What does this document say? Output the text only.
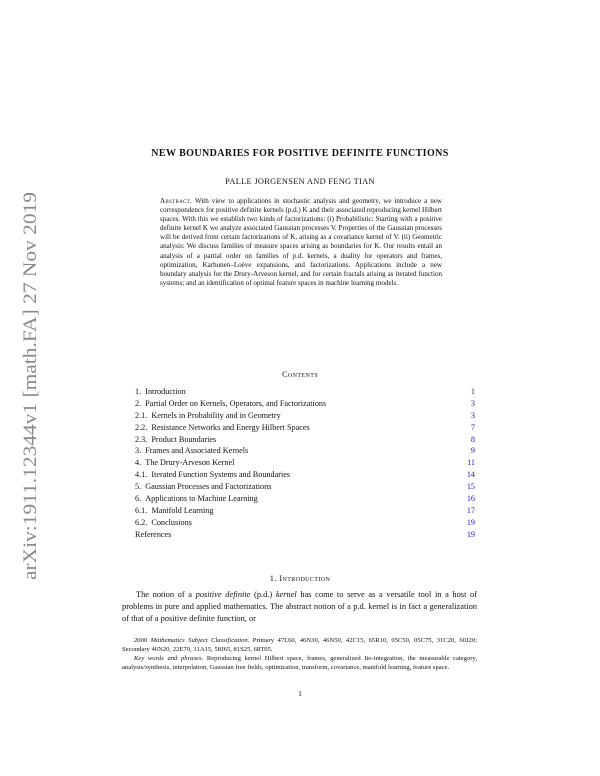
arXiv:1911.12344v1 [math.FA] 27 Nov 2019
NEW BOUNDARIES FOR POSITIVE DEFINITE FUNCTIONS
PALLE JORGENSEN AND FENG TIAN
Abstract. With view to applications in stochastic analysis and geometry, we introduce a new correspondence for positive definite kernels (p.d.) K and their associated reproducing kernel Hilbert spaces. With this we establish two kinds of factorizations: (i) Probabilistic: Starting with a positive definite kernel K we analyze associated Gaussian processes V. Properties of the Gaussian processes will be derived from certain factorizations of K, arising as a covariance kernel of V. (ii) Geometric analysis: We discuss families of measure spaces arising as boundaries for K. Our results entail an analysis of a partial order on families of p.d. kernels, a duality for operators and frames, optimization, Karhunen–Loève expansions, and factorizations. Applications include a new boundary analysis for the Drury-Arveson kernel, and for certain fractals arising as iterated function systems; and an identification of optimal feature spaces in machine learning models.
Contents
1.  Introduction	1
2.  Partial Order on Kernels, Operators, and Factorizations	3
2.1.  Kernels in Probability and in Geometry	3
2.2.  Resistance Networks and Energy Hilbert Spaces	7
2.3.  Product Boundaries	8
3.  Frames and Associated Kernels	9
4.  The Drury-Arveson Kernel	11
4.1.  Iterated Function Systems and Boundaries	14
5.  Gaussian Processes and Factorizations	15
6.  Applications to Machine Learning	16
6.1.  Manifold Learning	17
6.2.  Conclusions	19
References	19
1. Introduction

The notion of a positive definite (p.d.) kernel has come to serve as a versatile tool in a host of problems in pure and applied mathematics. The abstract notion of a p.d. kernel is in fact a generalization of that of a positive definite function, or

2000 Mathematics Subject Classification. Primary 47L60, 46N30, 46N50, 42C15, 65R10, 05C50, 05C75, 31C20, 60J20; Secondary 46N20, 22E70, 31A15, 58J65, 81S25, 68T05.

Key words and phrases. Reproducing kernel Hilbert space, frames, generalized Ito-integration, the measurable category, analysis/synthesis, interpolation, Gaussian free fields, optimization, transform, covariance, manifold learning, feature space.

1
